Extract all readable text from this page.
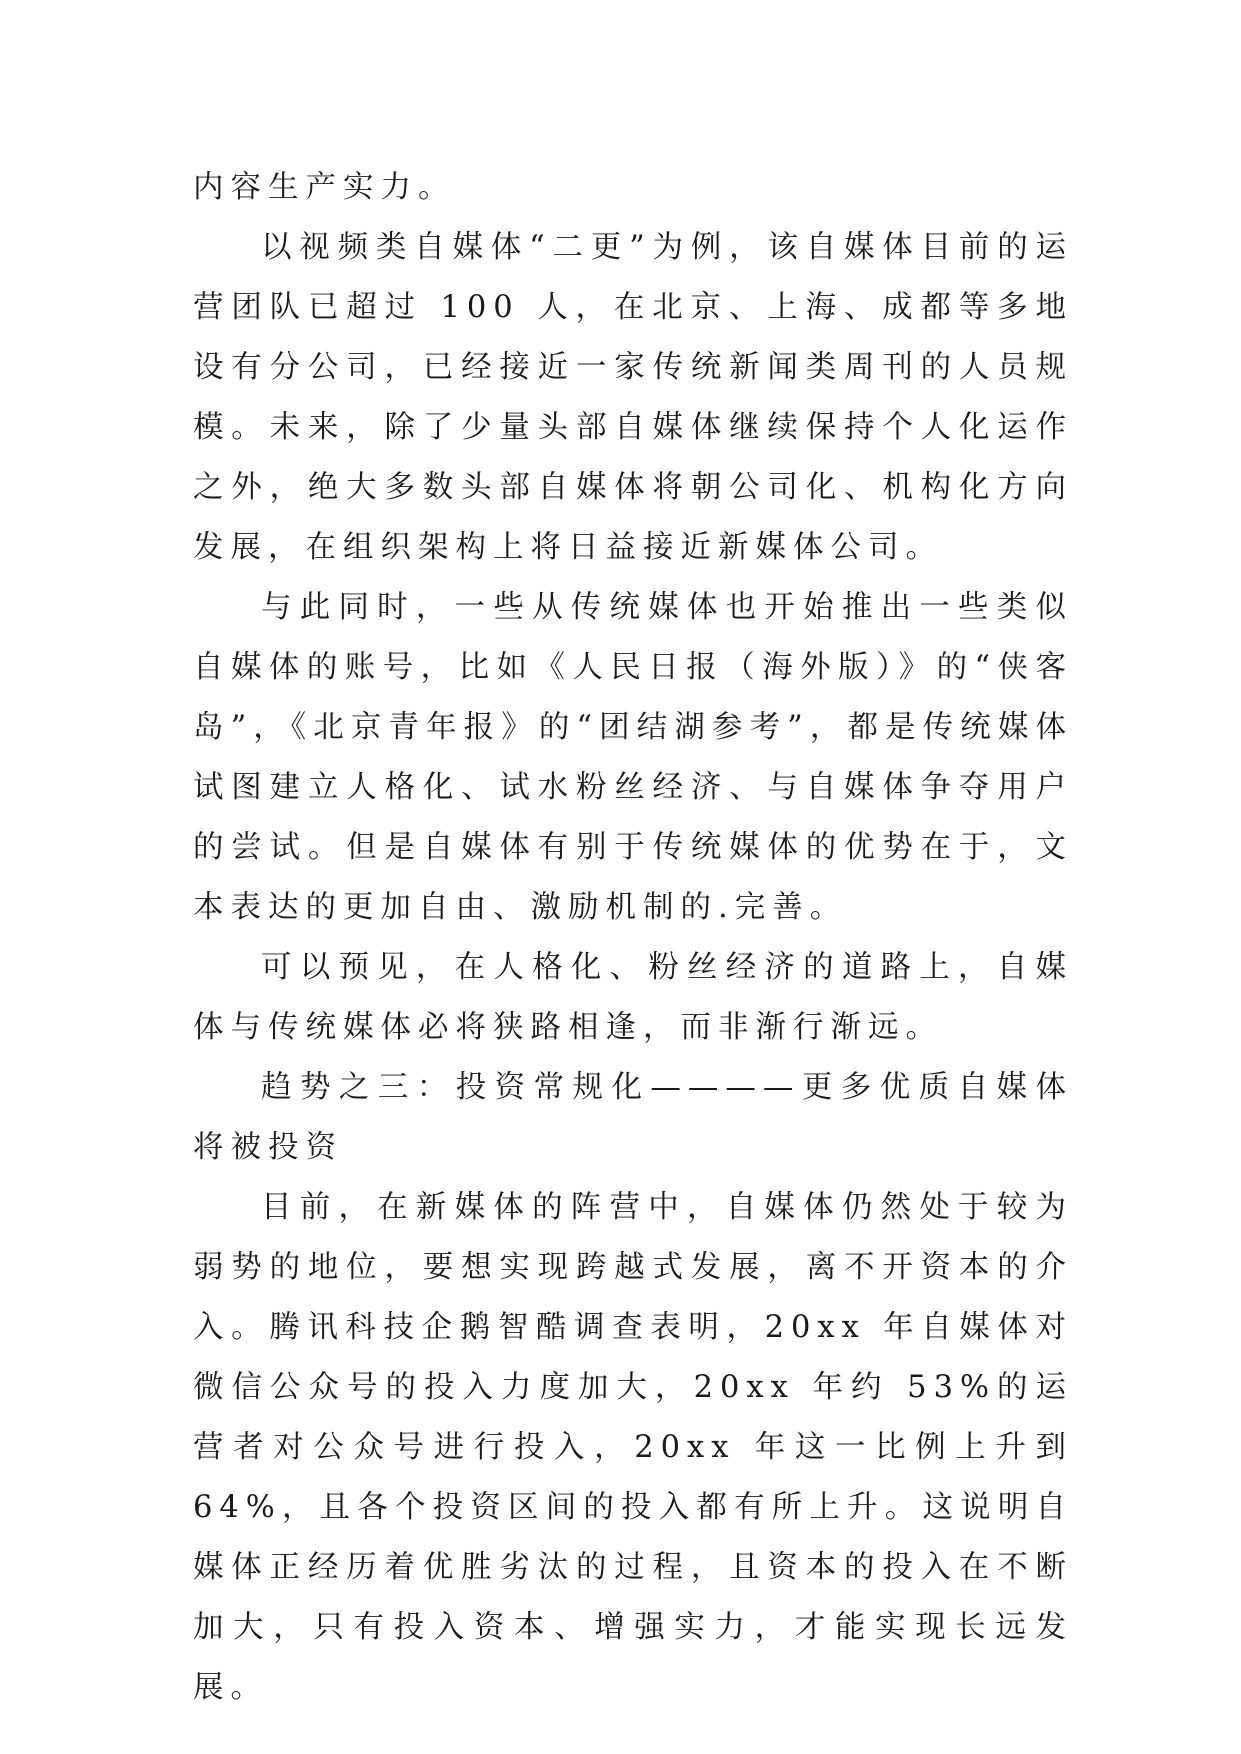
内容生产实力。

以视频类自媒体“二更”为例，该自媒体目前的运营团队已超过 100 人，在北京、上海、成都等多地设有分公司，已经接近一家传统新闻类周刊的人员规模。未来，除了少量头部自媒体继续保持个人化运作之外，绝大多数头部自媒体将朝公司化、机构化方向发展，在组织架构上将日益接近新媒体公司。

与此同时，一些从传统媒体也开始推出一些类似自媒体的账号，比如《人民日报（海外版）》的“侠客岛”，《北京青年报》的“团结湖参考”，都是传统媒体试图建立人格化、试水粉丝经济、与自媒体争夺用户的尝试。但是自媒体有别于传统媒体的优势在于，文本表达的更加自由、激励机制的.完善。

可以预见，在人格化、粉丝经济的道路上，自媒体与传统媒体必将狭路相逢，而非渐行渐远。

趋势之三：投资常规化————更多优质自媒体将被投资

目前，在新媒体的阵营中，自媒体仍然处于较为弱势的地位，要想实现跨越式发展，离不开资本的介入。腾讯科技企鹅智酷调查表明，20xx 年自媒体对微信公众号的投入力度加大，20xx 年约 53%的运营者对公众号进行投入，20xx 年这一比例上升到 64%，且各个投资区间的投入都有所上升。这说明自媒体正经历着优胜劣汰的过程，且资本的投入在不断加大，只有投入资本、增强实力，才能实现长远发展。
